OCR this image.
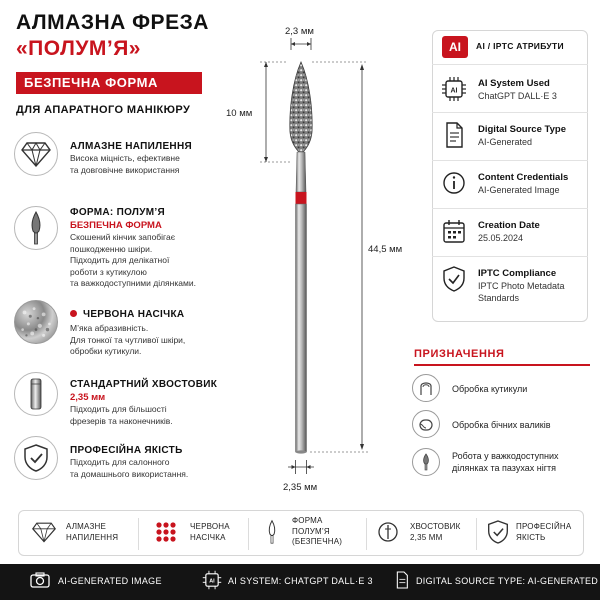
АЛМАЗНА ФРЕЗА
«ПОЛУМ’Я»
БЕЗПЕЧНА ФОРМА
ДЛЯ АПАРАТНОГО МАНІКЮРУ
АЛМАЗНЕ НАПИЛЕННЯ
Висока міцність, ефективне
та довговічне використання
ФОРМА: ПОЛУМ’Я
БЕЗПЕЧНА ФОРМА
Скошений кінчик запобігає
пошкодженню шкіри.
Підходить для делікатної
роботи з кутикулою
та важкодоступними ділянками.
ЧЕРВОНА НАСІЧКА
М’яка абразивність.
Для тонкої та чутливої шкіри,
обробки кутикули.
СТАНДАРТНИЙ ХВОСТОВИК
2,35 мм
Підходить для більшості
фрезерів та наконечників.
ПРОФЕСІЙНА ЯКІСТЬ
Підходить для салонного
та домашнього використання.
2,3 мм
10 мм
44,5 мм
2,35 мм
AI	AI / IPTC АТРИБУТИ
AI
AI System Used
ChatGPT DALL·E 3
Digital Source Type
AI-Generated
Content Credentials
AI-Generated Image
Creation Date
25.05.2024
IPTC Compliance
IPTC Photo Metadata Standards
ПРИЗНАЧЕННЯ
Обробка кутикули
Обробка бічних валиків
Робота у важкодоступних ділянках та пазухах нігтя
АЛМАЗНЕ
НАПИЛЕННЯ
ЧЕРВОНА
НАСІЧКА
ФОРМА
ПОЛУМ’Я
(БЕЗПЕЧНА)
ХВОСТОВИК
2,35 ММ
ПРОФЕСІЙНА
ЯКІСТЬ
AI-GENERATED IMAGE	AI AI SYSTEM: CHATGPT DALL·E 3	DIGITAL SOURCE TYPE: AI-GENERATED
